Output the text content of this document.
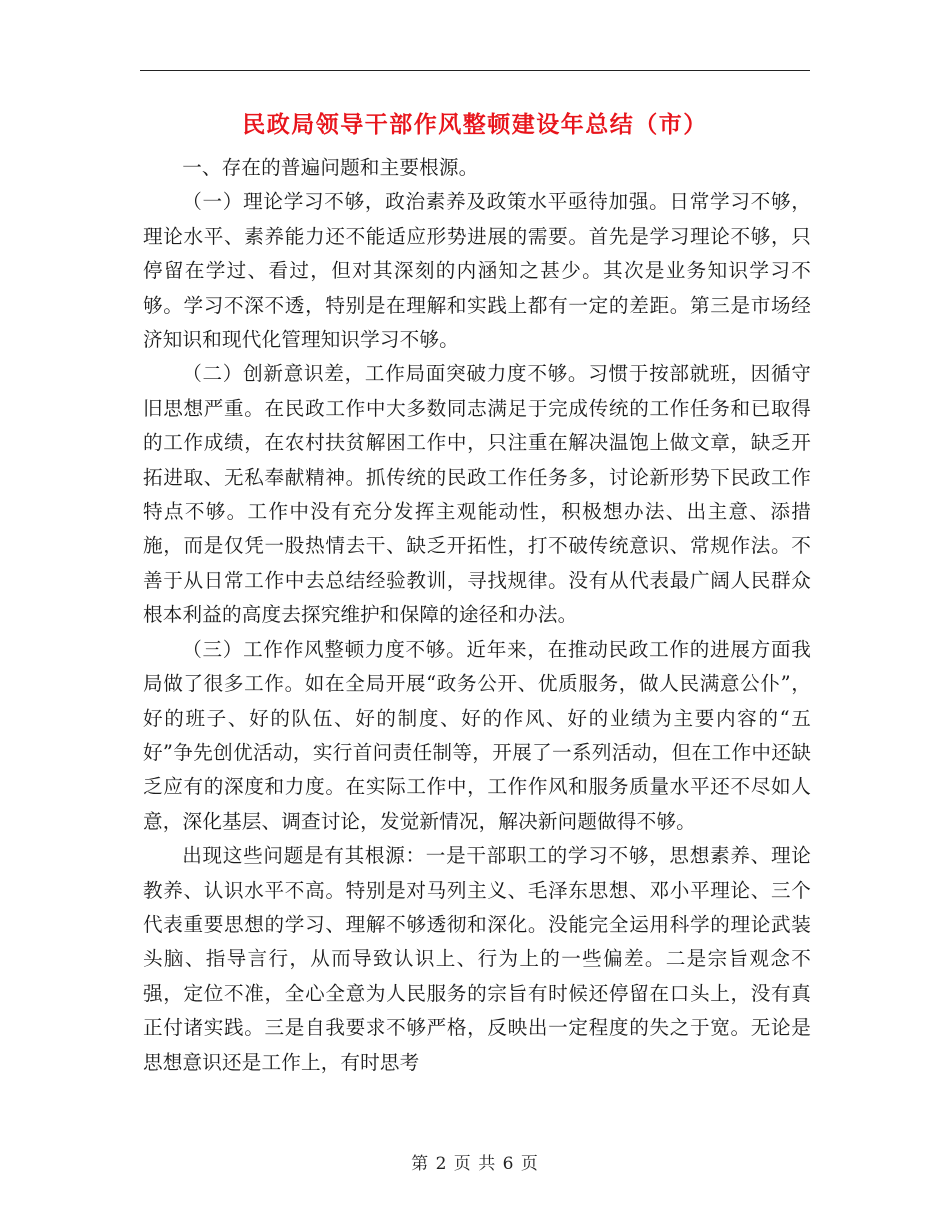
民政局领导干部作风整顿建设年总结（市）

一、存在的普遍问题和主要根源。

（一）理论学习不够，政治素养及政策水平亟待加强。日常学习不够，理论水平、素养能力还不能适应形势进展的需要。首先是学习理论不够，只停留在学过、看过，但对其深刻的内涵知之甚少。其次是业务知识学习不够。学习不深不透，特别是在理解和实践上都有一定的差距。第三是市场经济知识和现代化管理知识学习不够。

（二）创新意识差，工作局面突破力度不够。习惯于按部就班，因循守旧思想严重。在民政工作中大多数同志满足于完成传统的工作任务和已取得的工作成绩，在农村扶贫解困工作中，只注重在解决温饱上做文章，缺乏开拓进取、无私奉献精神。抓传统的民政工作任务多，讨论新形势下民政工作特点不够。工作中没有充分发挥主观能动性，积极想办法、出主意、添措施，而是仅凭一股热情去干、缺乏开拓性，打不破传统意识、常规作法。不善于从日常工作中去总结经验教训，寻找规律。没有从代表最广阔人民群众根本利益的高度去探究维护和保障的途径和办法。

（三）工作作风整顿力度不够。近年来，在推动民政工作的进展方面我局做了很多工作。如在全局开展“政务公开、优质服务，做人民满意公仆”，好的班子、好的队伍、好的制度、好的作风、好的业绩为主要内容的“五好”争先创优活动，实行首问责任制等，开展了一系列活动，但在工作中还缺乏应有的深度和力度。在实际工作中，工作作风和服务质量水平还不尽如人意，深化基层、调查讨论，发觉新情况，解决新问题做得不够。

出现这些问题是有其根源：一是干部职工的学习不够，思想素养、理论教养、认识水平不高。特别是对马列主义、毛泽东思想、邓小平理论、三个代表重要思想的学习、理解不够透彻和深化。没能完全运用科学的理论武装头脑、指导言行，从而导致认识上、行为上的一些偏差。二是宗旨观念不强，定位不准，全心全意为人民服务的宗旨有时候还停留在口头上，没有真正付诸实践。三是自我要求不够严格，反映出一定程度的失之于宽。无论是思想意识还是工作上，有时思考

第 2 页 共 6 页
